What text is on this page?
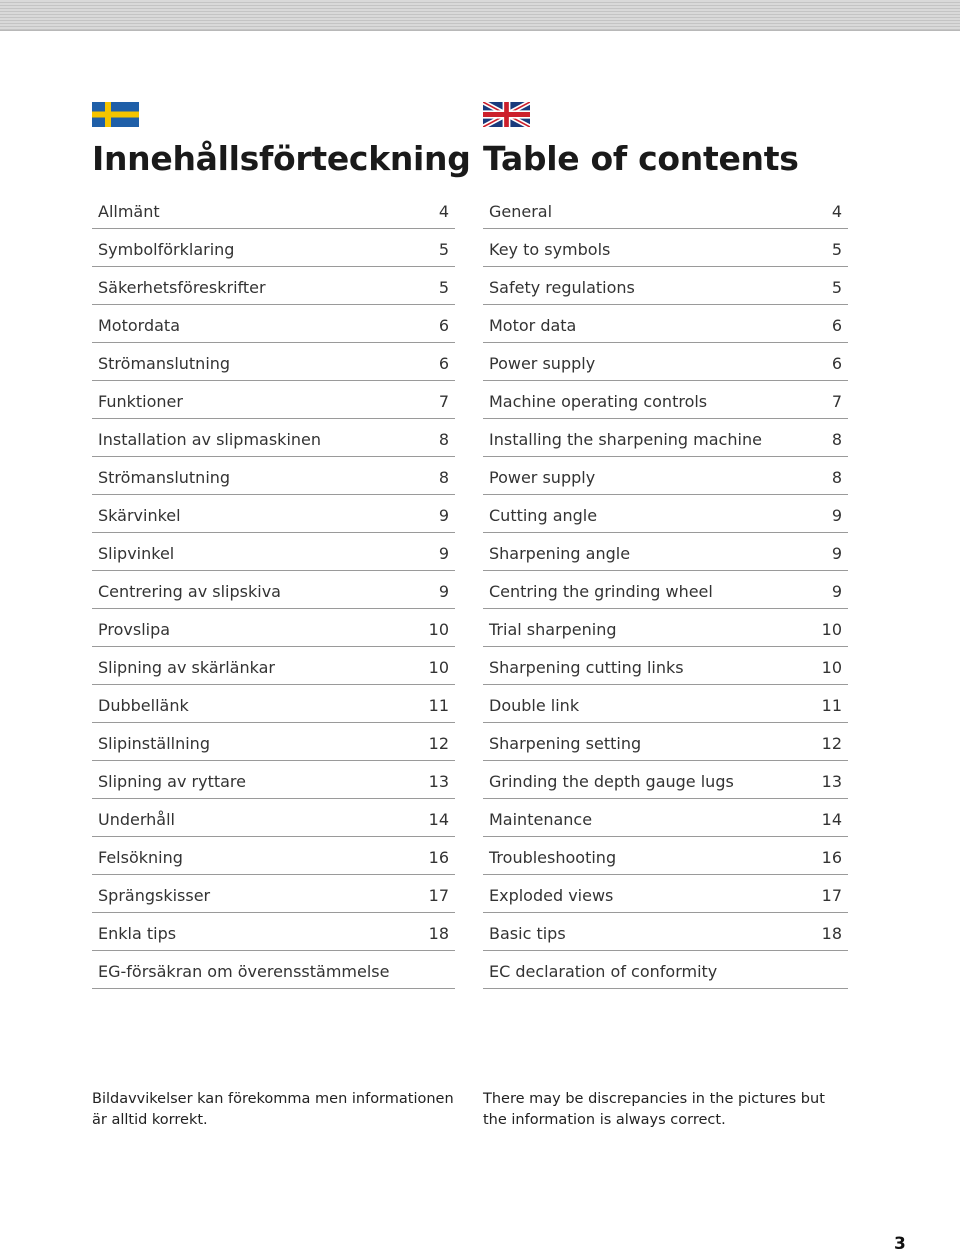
Innehållsförteckning
Allmänt	4
Symbolförklaring	5
Säkerhetsföreskrifter	5
Motordata	6
Strömanslutning	6
Funktioner	7
Installation av slipmaskinen	8
Strömanslutning	8
Skärvinkel	9
Slipvinkel	9
Centrering av slipskiva	9
Provslipa	10
Slipning av skärlänkar	10
Dubbellänk	11
Slipinställning	12
Slipning av ryttare	13
Underhåll	14
Felsökning	16
Sprängskisser	17
Enkla tips	18
EG-försäkran om överensstämmelse
Table of contents
General	4
Key to symbols	5
Safety regulations	5
Motor data	6
Power supply	6
Machine operating controls	7
Installing the sharpening machine	8
Power supply	8
Cutting angle	9
Sharpening angle	9
Centring the grinding wheel	9
Trial sharpening	10
Sharpening cutting links	10
Double link	11
Sharpening setting	12
Grinding the depth gauge lugs	13
Maintenance	14
Troubleshooting	16
Exploded views	17
Basic tips	18
EC declaration of conformity
Bildavvikelser kan förekomma men informationen är alltid korrekt.
There may be discrepancies in the pictures but the information is always correct.
3
